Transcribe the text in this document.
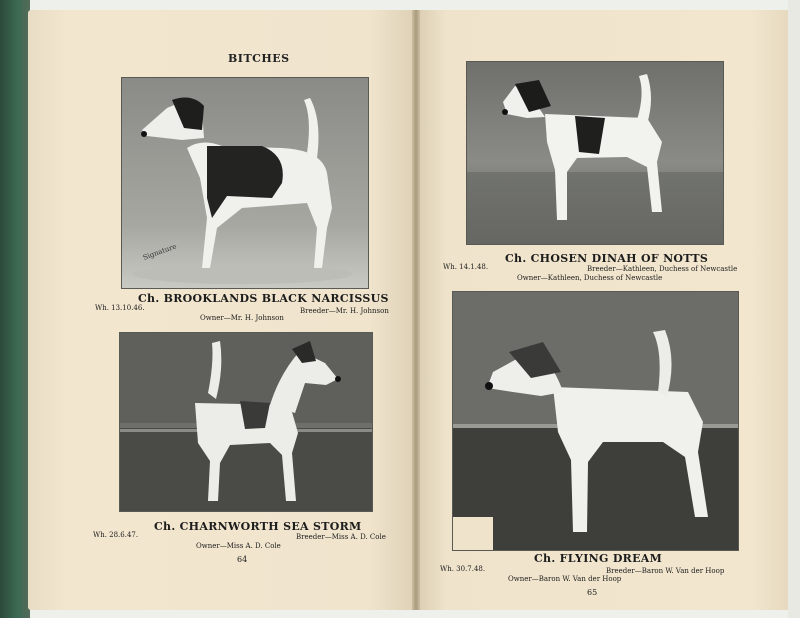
BITCHES
Signature
Ch. BROOKLANDS BLACK NARCISSUS
Wh. 13.10.46.	Breeder—Mr. H. Johnson
Owner—Mr. H. Johnson
Ch. CHARNWORTH SEA STORM
Wh. 28.6.47.	Breeder—Miss A. D. Cole
Owner—Miss A. D. Cole
64
Ch. CHOSEN DINAH OF NOTTS
Wh. 14.1.48.	Breeder—Kathleen, Duchess of Newcastle
Owner—Kathleen, Duchess of Newcastle
Ch. FLYING DREAM
Wh. 30.7.48.	Breeder—Baron W. Van der Hoop
Owner—Baron W. Van der Hoop
65
